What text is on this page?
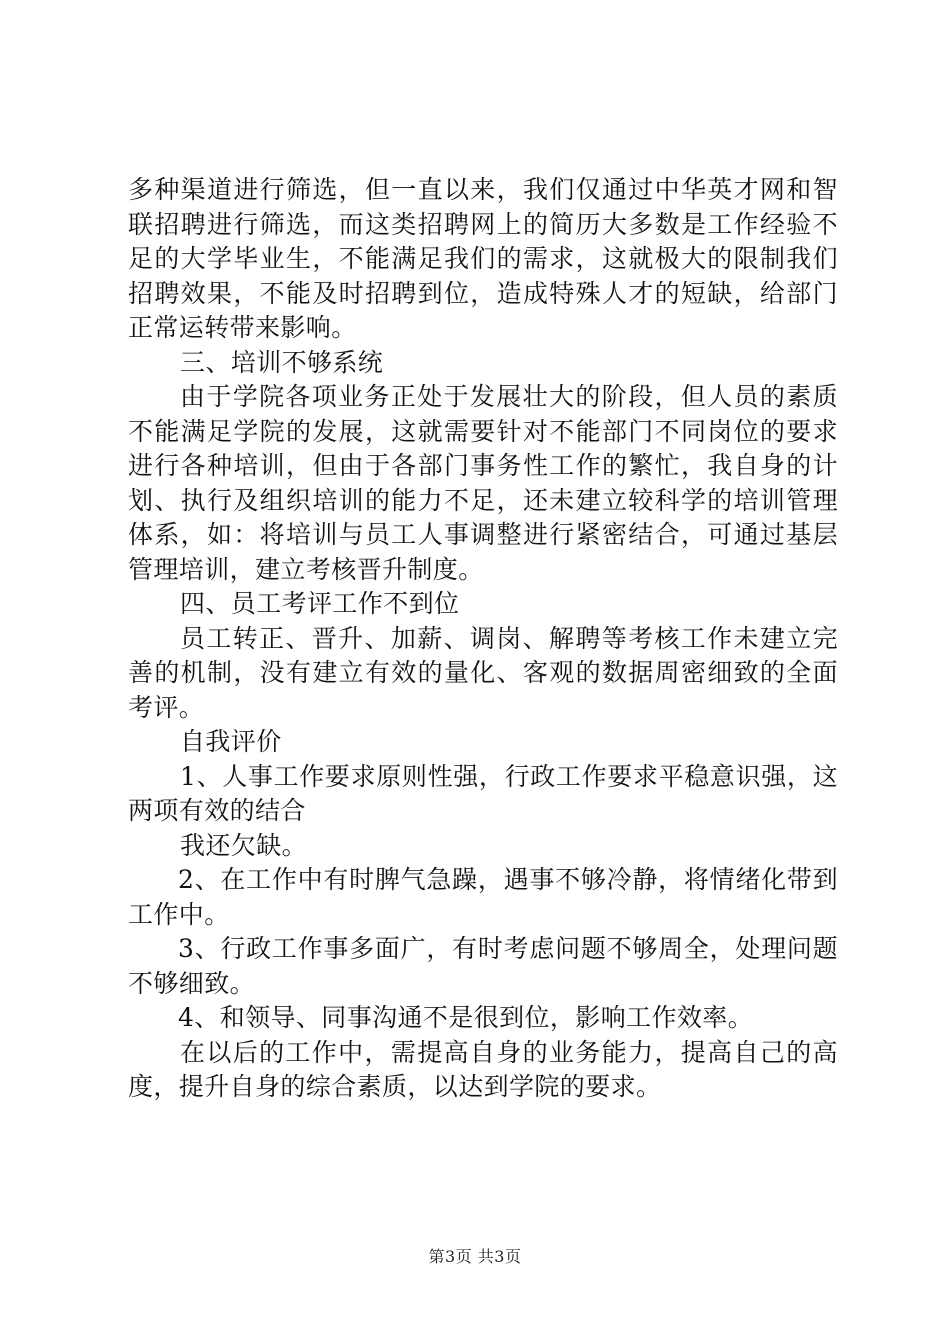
多种渠道进行筛选，但一直以来，我们仅通过中华英才网和智联招聘进行筛选，而这类招聘网上的简历大多数是工作经验不足的大学毕业生，不能满足我们的需求，这就极大的限制我们招聘效果，不能及时招聘到位，造成特殊人才的短缺，给部门正常运转带来影响。

三、培训不够系统

由于学院各项业务正处于发展壮大的阶段，但人员的素质不能满足学院的发展，这就需要针对不能部门不同岗位的要求进行各种培训，但由于各部门事务性工作的繁忙，我自身的计划、执行及组织培训的能力不足，还未建立较科学的培训管理体系，如：将培训与员工人事调整进行紧密结合，可通过基层管理培训，建立考核晋升制度。

四、员工考评工作不到位

员工转正、晋升、加薪、调岗、解聘等考核工作未建立完善的机制，没有建立有效的量化、客观的数据周密细致的全面考评。

自我评价

1、人事工作要求原则性强，行政工作要求平稳意识强，这两项有效的结合

我还欠缺。

2、在工作中有时脾气急躁，遇事不够冷静，将情绪化带到工作中。

3、行政工作事多面广，有时考虑问题不够周全，处理问题不够细致。

4、和领导、同事沟通不是很到位，影响工作效率。

在以后的工作中，需提高自身的业务能力，提高自己的高度，提升自身的综合素质，以达到学院的要求。

第3页 共3页
